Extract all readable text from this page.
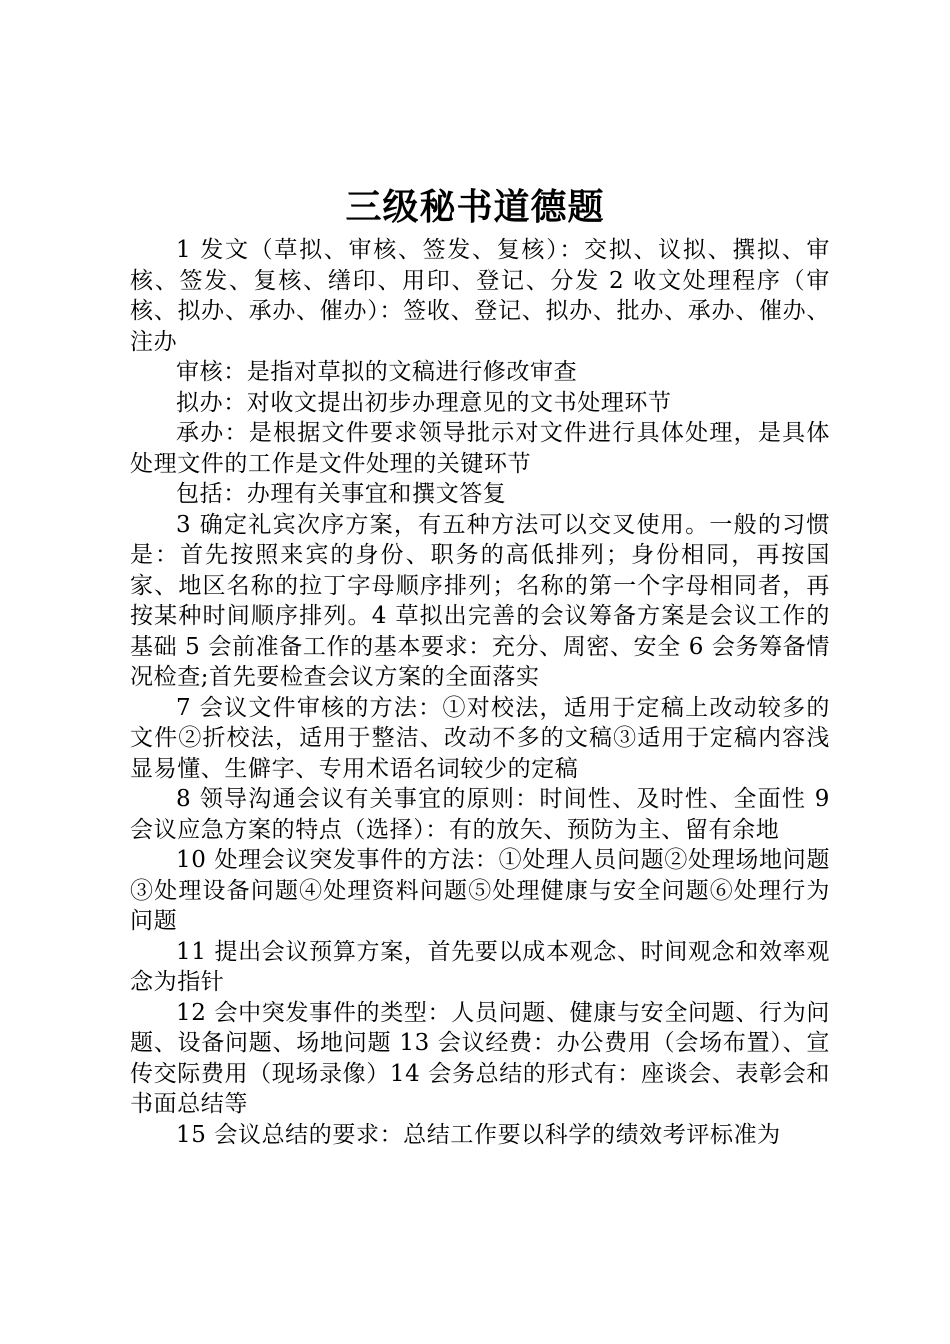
三级秘书道德题

1 发文（草拟、审核、签发、复核）：交拟、议拟、撰拟、审核、签发、复核、缮印、用印、登记、分发 2 收文处理程序（审核、拟办、承办、催办）：签收、登记、拟办、批办、承办、催办、注办

审核：是指对草拟的文稿进行修改审查

拟办：对收文提出初步办理意见的文书处理环节

承办：是根据文件要求领导批示对文件进行具体处理，是具体处理文件的工作是文件处理的关键环节

包括：办理有关事宜和撰文答复

3 确定礼宾次序方案，有五种方法可以交叉使用。一般的习惯是：首先按照来宾的身份、职务的高低排列；身份相同，再按国家、地区名称的拉丁字母顺序排列；名称的第一个字母相同者，再按某种时间顺序排列。4 草拟出完善的会议筹备方案是会议工作的基础 5 会前准备工作的基本要求：充分、周密、安全 6 会务筹备情况检查;首先要检查会议方案的全面落实

7 会议文件审核的方法：①对校法，适用于定稿上改动较多的文件②折校法，适用于整洁、改动不多的文稿③适用于定稿内容浅显易懂、生僻字、专用术语名词较少的定稿

8 领导沟通会议有关事宜的原则：时间性、及时性、全面性 9 会议应急方案的特点（选择）：有的放矢、预防为主、留有余地

10 处理会议突发事件的方法：①处理人员问题②处理场地问题③处理设备问题④处理资料问题⑤处理健康与安全问题⑥处理行为问题

11 提出会议预算方案，首先要以成本观念、时间观念和效率观念为指针

12 会中突发事件的类型：人员问题、健康与安全问题、行为问题、设备问题、场地问题 13 会议经费：办公费用（会场布置）、宣传交际费用（现场录像）14 会务总结的形式有：座谈会、表彰会和书面总结等

15 会议总结的要求：总结工作要以科学的绩效考评标准为
